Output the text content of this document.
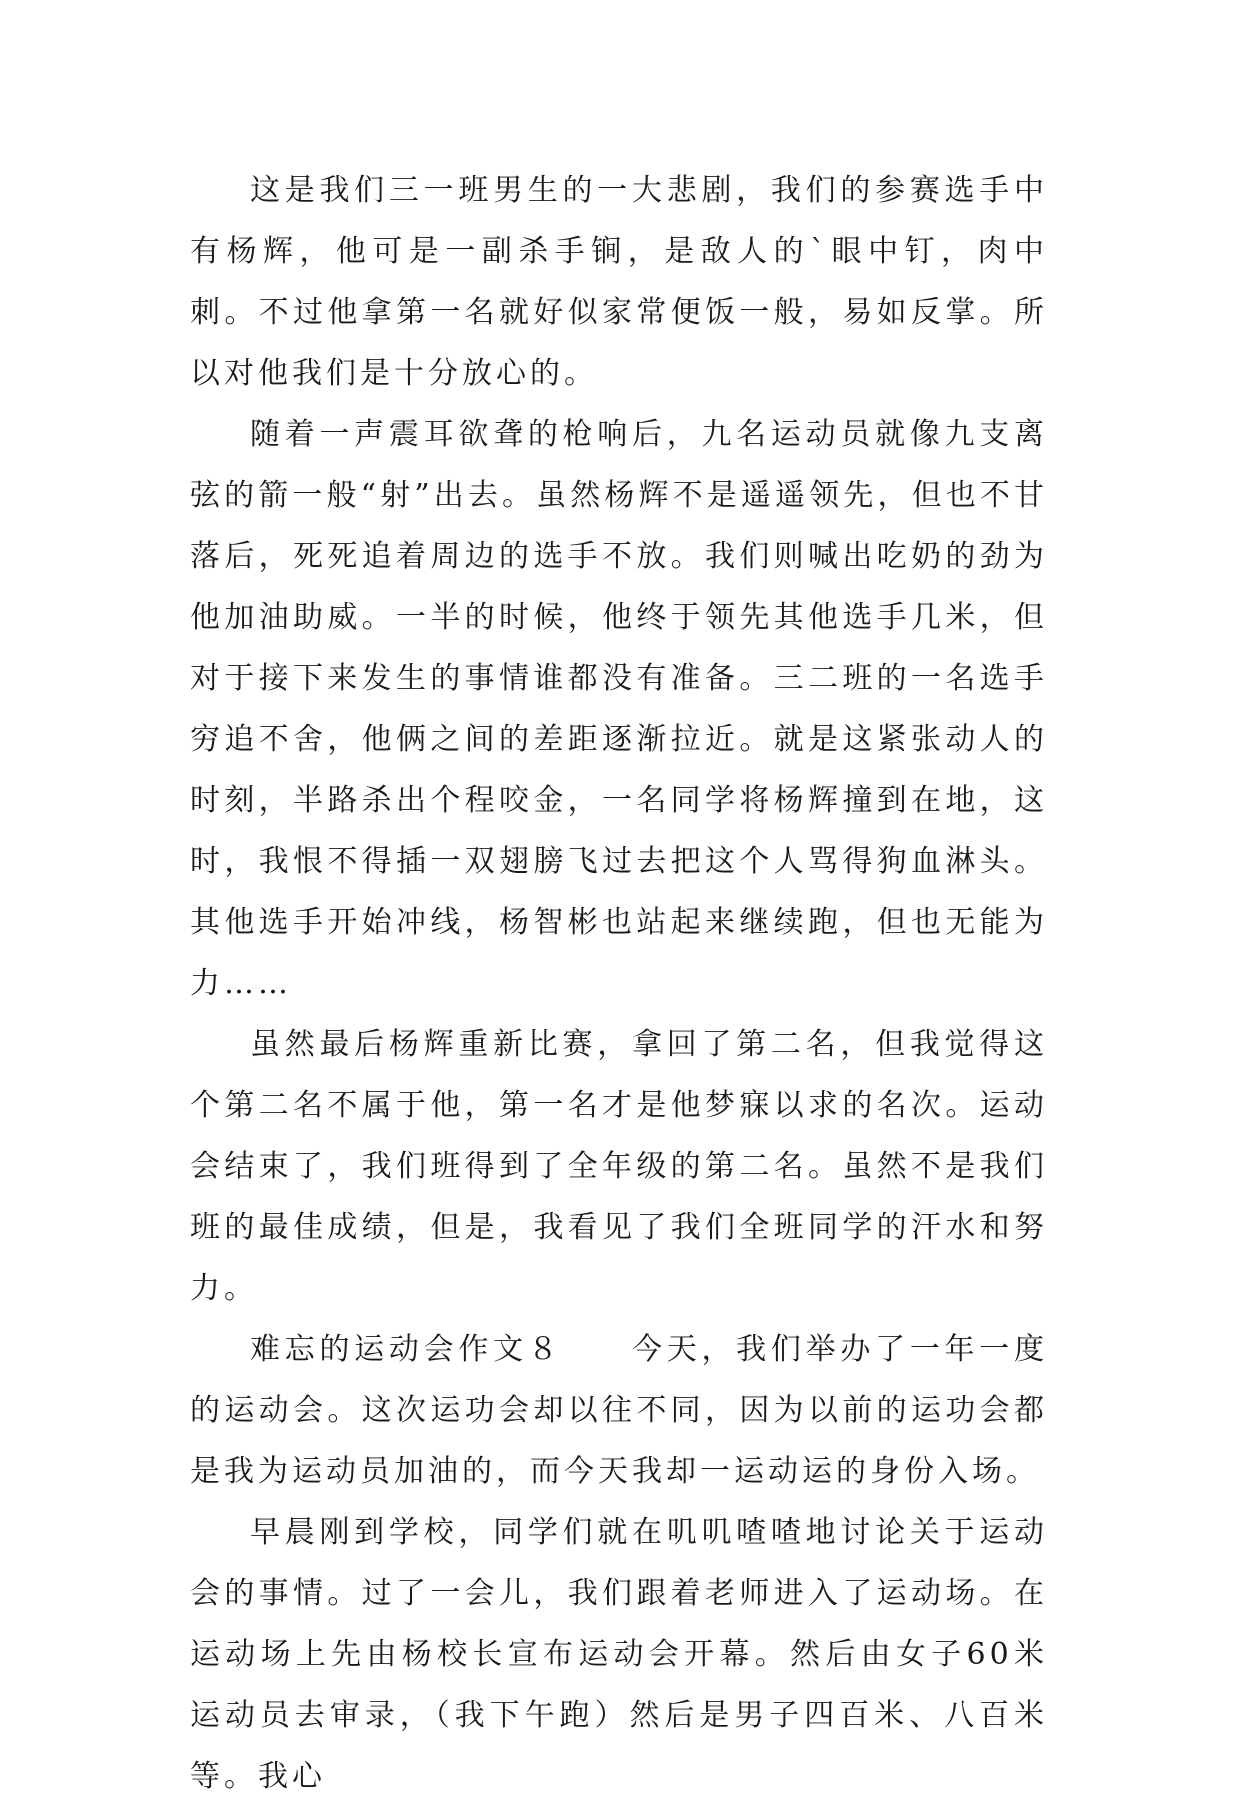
这是我们三一班男生的一大悲剧，我们的参赛选手中有杨辉，他可是一副杀手锏，是敌人的`眼中钉，肉中刺。不过他拿第一名就好似家常便饭一般，易如反掌。所以对他我们是十分放心的。

随着一声震耳欲聋的枪响后，九名运动员就像九支离弦的箭一般“射”出去。虽然杨辉不是遥遥领先，但也不甘落后，死死追着周边的选手不放。我们则喊出吃奶的劲为他加油助威。一半的时候，他终于领先其他选手几米，但对于接下来发生的事情谁都没有准备。三二班的一名选手穷追不舍，他俩之间的差距逐渐拉近。就是这紧张动人的时刻，半路杀出个程咬金，一名同学将杨辉撞到在地，这时，我恨不得插一双翅膀飞过去把这个人骂得狗血淋头。其他选手开始冲线，杨智彬也站起来继续跑，但也无能为力……

虽然最后杨辉重新比赛，拿回了第二名，但我觉得这个第二名不属于他，第一名才是他梦寐以求的名次。运动会结束了，我们班得到了全年级的第二名。虽然不是我们班的最佳成绩，但是，我看见了我们全班同学的汗水和努力。

难忘的运动会作文８　　今天，我们举办了一年一度的运动会。这次运功会却以往不同，因为以前的运功会都是我为运动员加油的，而今天我却一运动运的身份入场。

早晨刚到学校，同学们就在叽叽喳喳地讨论关于运动会的事情。过了一会儿，我们跟着老师进入了运动场。在运动场上先由杨校长宣布运动会开幕。然后由女子60米运动员去审录，（我下午跑）然后是男子四百米、八百米等。我心
